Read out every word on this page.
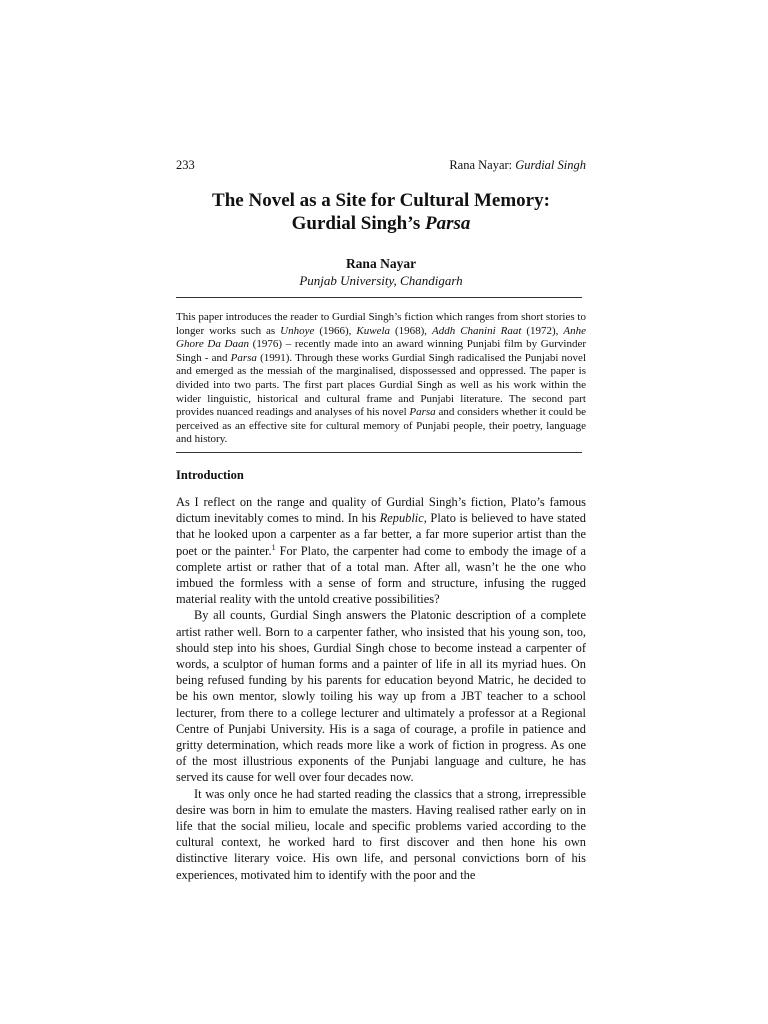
233	Rana Nayar: Gurdial Singh
The Novel as a Site for Cultural Memory:
Gurdial Singh’s Parsa
Rana Nayar
Punjab University, Chandigarh

This paper introduces the reader to Gurdial Singh’s fiction which ranges from short stories to longer works such as Unhoye (1966), Kuwela (1968), Addh Chanini Raat (1972), Anhe Ghore Da Daan (1976) – recently made into an award winning Punjabi film by Gurvinder Singh - and Parsa (1991). Through these works Gurdial Singh radicalised the Punjabi novel and emerged as the messiah of the marginalised, dispossessed and oppressed. The paper is divided into two parts. The first part places Gurdial Singh as well as his work within the wider linguistic, historical and cultural frame and Punjabi literature. The second part provides nuanced readings and analyses of his novel Parsa and considers whether it could be perceived as an effective site for cultural memory of Punjabi people, their poetry, language and history.

Introduction

As I reflect on the range and quality of Gurdial Singh’s fiction, Plato’s famous dictum inevitably comes to mind. In his Republic, Plato is believed to have stated that he looked upon a carpenter as a far better, a far more superior artist than the poet or the painter.$^1$ For Plato, the carpenter had come to embody the image of a complete artist or rather that of a total man. After all, wasn’t he the one who imbued the formless with a sense of form and structure, infusing the rugged material reality with the untold creative possibilities?

By all counts, Gurdial Singh answers the Platonic description of a complete artist rather well. Born to a carpenter father, who insisted that his young son, too, should step into his shoes, Gurdial Singh chose to become instead a carpenter of words, a sculptor of human forms and a painter of life in all its myriad hues. On being refused funding by his parents for education beyond Matric, he decided to be his own mentor, slowly toiling his way up from a JBT teacher to a school lecturer, from there to a college lecturer and ultimately a professor at a Regional Centre of Punjabi University. His is a saga of courage, a profile in patience and gritty determination, which reads more like a work of fiction in progress. As one of the most illustrious exponents of the Punjabi language and culture, he has served its cause for well over four decades now.

It was only once he had started reading the classics that a strong, irrepressible desire was born in him to emulate the masters. Having realised rather early on in life that the social milieu, locale and specific problems varied according to the cultural context, he worked hard to first discover and then hone his own distinctive literary voice. His own life, and personal convictions born of his experiences, motivated him to identify with the poor and the
